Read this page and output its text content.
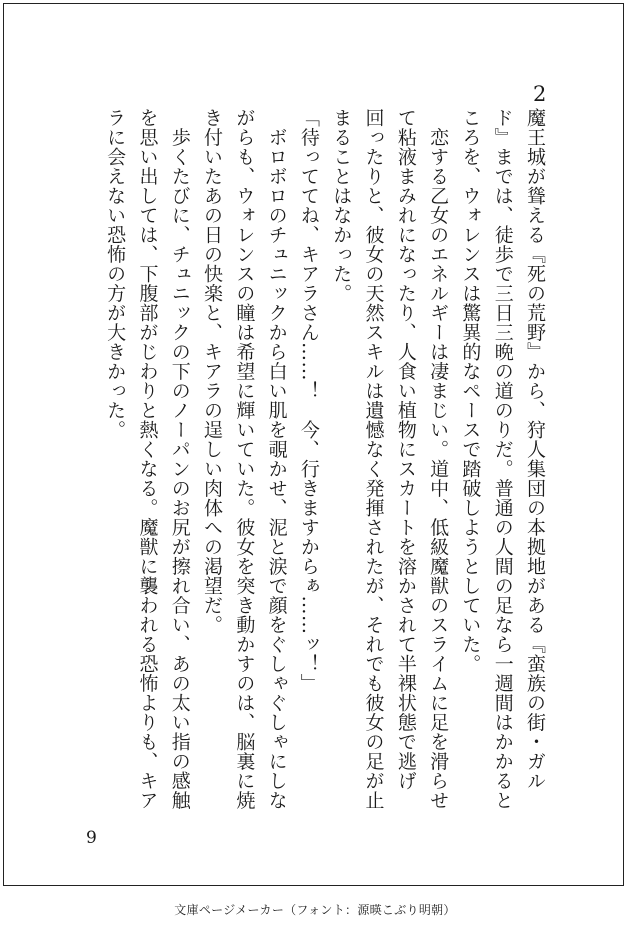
2

魔王城が聳える『死の荒野』から、狩人集団の本拠地がある『蛮族の街・ガル

ド』までは、徒歩で三日三晩の道のりだ。普通の人間の足なら一週間はかかると

ころを、ウォレンスは驚異的なペースで踏破しようとしていた。

　恋する乙女のエネルギーは凄まじい。道中、低級魔獣のスライムに足を滑らせ

て粘液まみれになったり、人食い植物にスカートを溶かされて半裸状態で逃げ

回ったりと、彼女の天然スキルは遺憾なく発揮されたが、それでも彼女の足が止

まることはなかった。

「待っててね、キアラさん……！　今、行きますからぁ……ッ！」

　ボロボロのチュニックから白い肌を覗かせ、泥と涙で顔をぐしゃぐしゃにしな

がらも、ウォレンスの瞳は希望に輝いていた。彼女を突き動かすのは、脳裏に焼

き付いたあの日の快楽と、キアラの逞しい肉体への渇望だ。

　歩くたびに、チュニックの下のノーパンのお尻が擦れ合い、あの太い指の感触

を思い出しては、下腹部がじわりと熱くなる。魔獣に襲われる恐怖よりも、キア

ラに会えない恐怖の方が大きかった。

9
文庫ページメーカー（フォント：源暎こぶり明朝）
